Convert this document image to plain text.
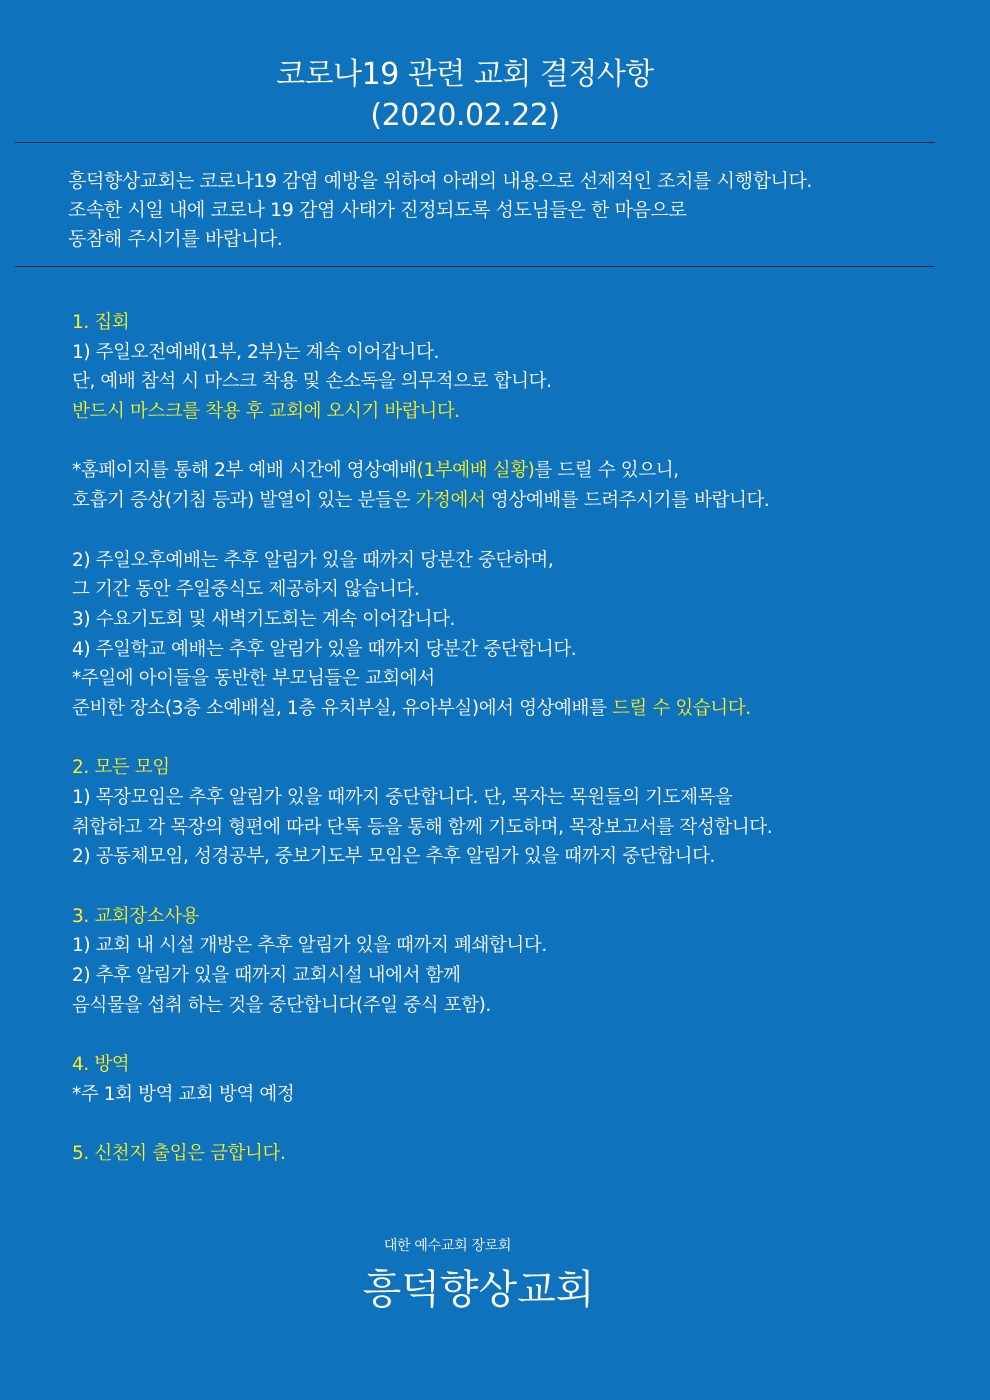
코로나19 관련 교회 결정사항
(2020.02.22)
흥덕향상교회는 코로나19 감염 예방을 위하여 아래의 내용으로 선제적인 조치를 시행합니다.
조속한 시일 내에 코로나 19 감염 사태가 진정되도록 성도님들은 한 마음으로
동참해 주시기를 바랍니다.
1. 집회
1) 주일오전예배(1부, 2부)는 계속 이어갑니다.
단, 예배 참석 시 마스크 착용 및 손소독을 의무적으로 합니다.
반드시 마스크를 착용 후 교회에 오시기 바랍니다.
*홈페이지를 통해 2부 예배 시간에 영상예배(1부예배 실황)를 드릴 수 있으니,
호흡기 증상(기침 등과) 발열이 있는 분들은 가정에서 영상예배를 드려주시기를 바랍니다.
2) 주일오후예배는 추후 알림가 있을 때까지 당분간 중단하며,
그 기간 동안 주일중식도 제공하지 않습니다.
3) 수요기도회 및 새벽기도회는 계속 이어갑니다.
4) 주일학교 예배는 추후 알림가 있을 때까지 당분간 중단합니다.
*주일에 아이들을 동반한 부모님들은 교회에서
준비한 장소(3층 소예배실, 1층 유치부실, 유아부실)에서 영상예배를 드릴 수 있습니다.
2. 모든 모임
1) 목장모임은 추후 알림가 있을 때까지 중단합니다. 단, 목자는 목원들의 기도제목을
취합하고 각 목장의 형편에 따라 단톡 등을 통해 함께 기도하며, 목장보고서를 작성합니다.
2) 공동체모임, 성경공부, 중보기도부 모임은 추후 알림가 있을 때까지 중단합니다.
3. 교회장소사용
1) 교회 내 시설 개방은 추후 알림가 있을 때까지 폐쇄합니다.
2) 추후 알림가 있을 때까지 교회시설 내에서 함께
음식물을 섭취 하는 것을 중단합니다(주일 중식 포함).
4. 방역
*주 1회 방역 교회 방역 예정
5. 신천지 출입은 금합니다.
대한 예수교회 장로회
흥덕향상교회
